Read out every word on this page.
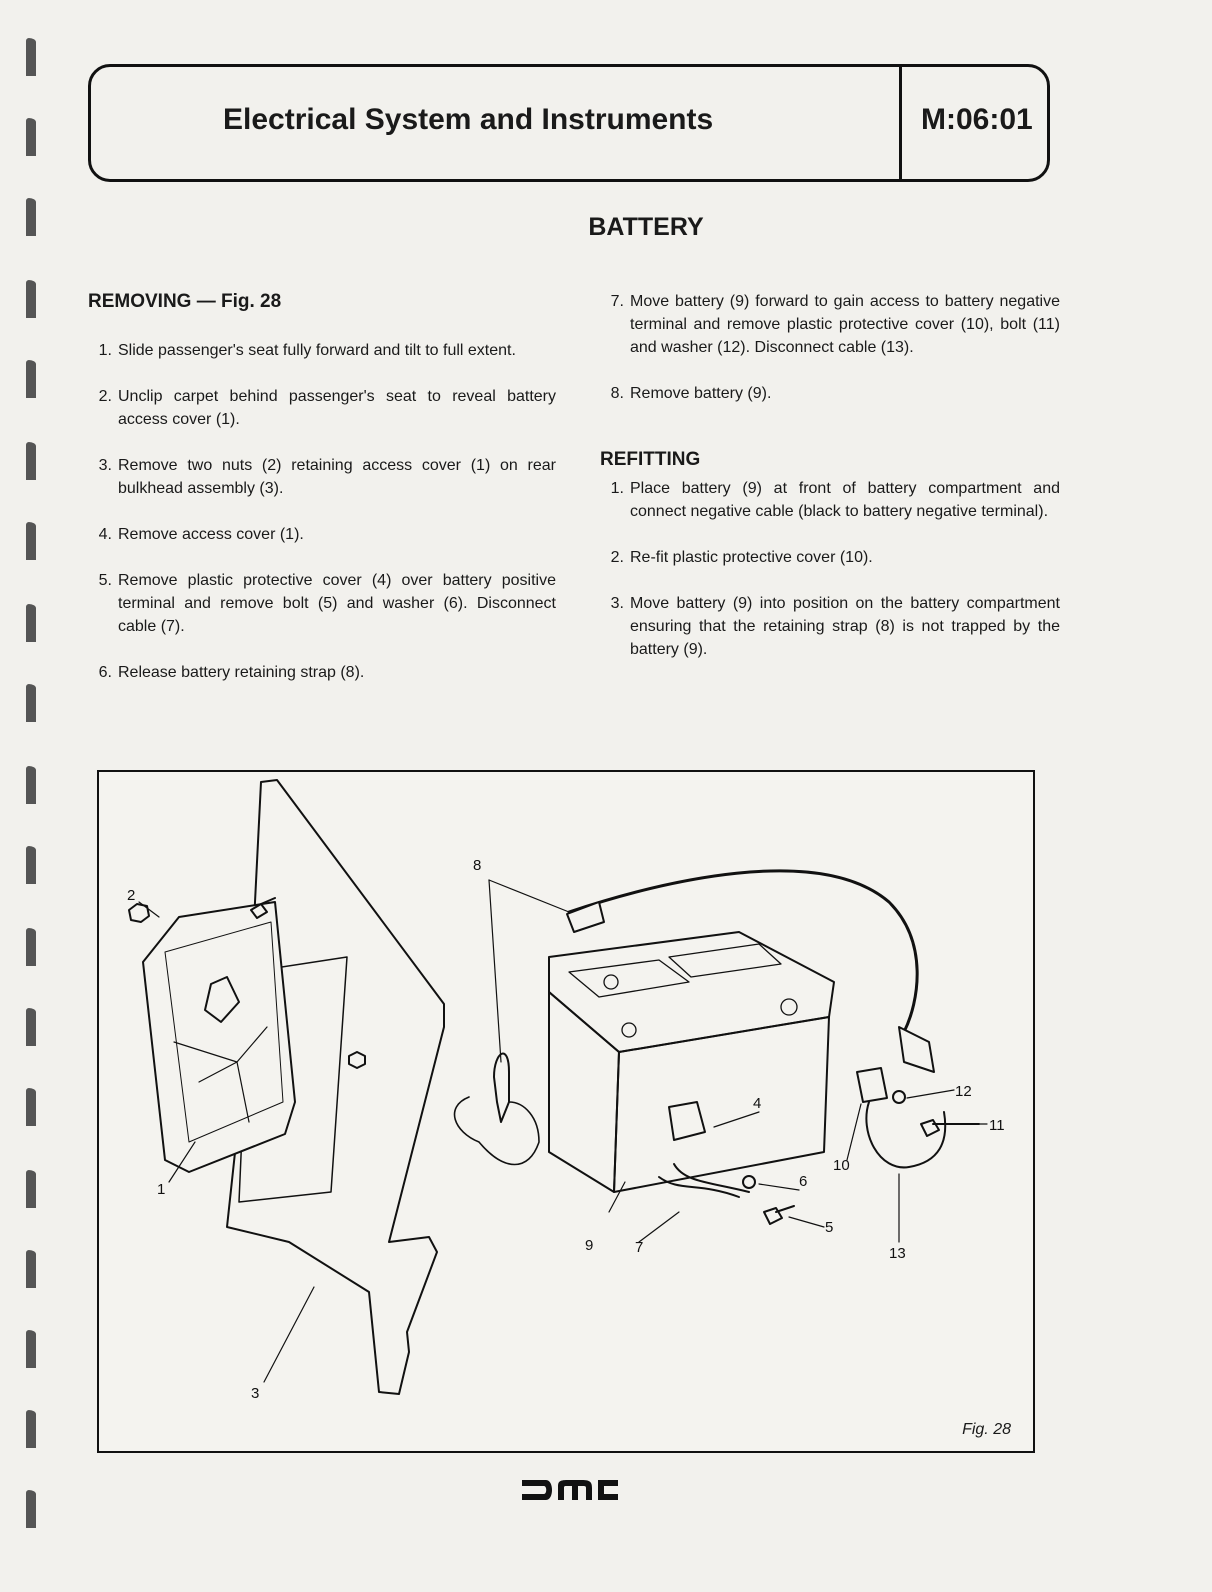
Electrical System and Instruments	M:06:01
BATTERY
REMOVING — Fig. 28
1. Slide passenger's seat fully forward and tilt to full extent.
2. Unclip carpet behind passenger's seat to reveal battery access cover (1).
3. Remove two nuts (2) retaining access cover (1) on rear bulkhead assembly (3).
4. Remove access cover (1).
5. Remove plastic protective cover (4) over battery positive terminal and remove bolt (5) and washer (6). Disconnect cable (7).
6. Release battery retaining strap (8).
7. Move battery (9) forward to gain access to battery negative terminal and remove plastic protective cover (10), bolt (11) and washer (12). Disconnect cable (13).
8. Remove battery (9).
REFITTING
1. Place battery (9) at front of battery compartment and connect negative cable (black to battery negative terminal).
2. Re-fit plastic protective cover (10).
3. Move battery (9) into position on the battery compartment ensuring that the retaining strap (8) is not trapped by the battery (9).
1
2
3
4
5
6
7
8
9
10
11
12
13
Fig. 28
